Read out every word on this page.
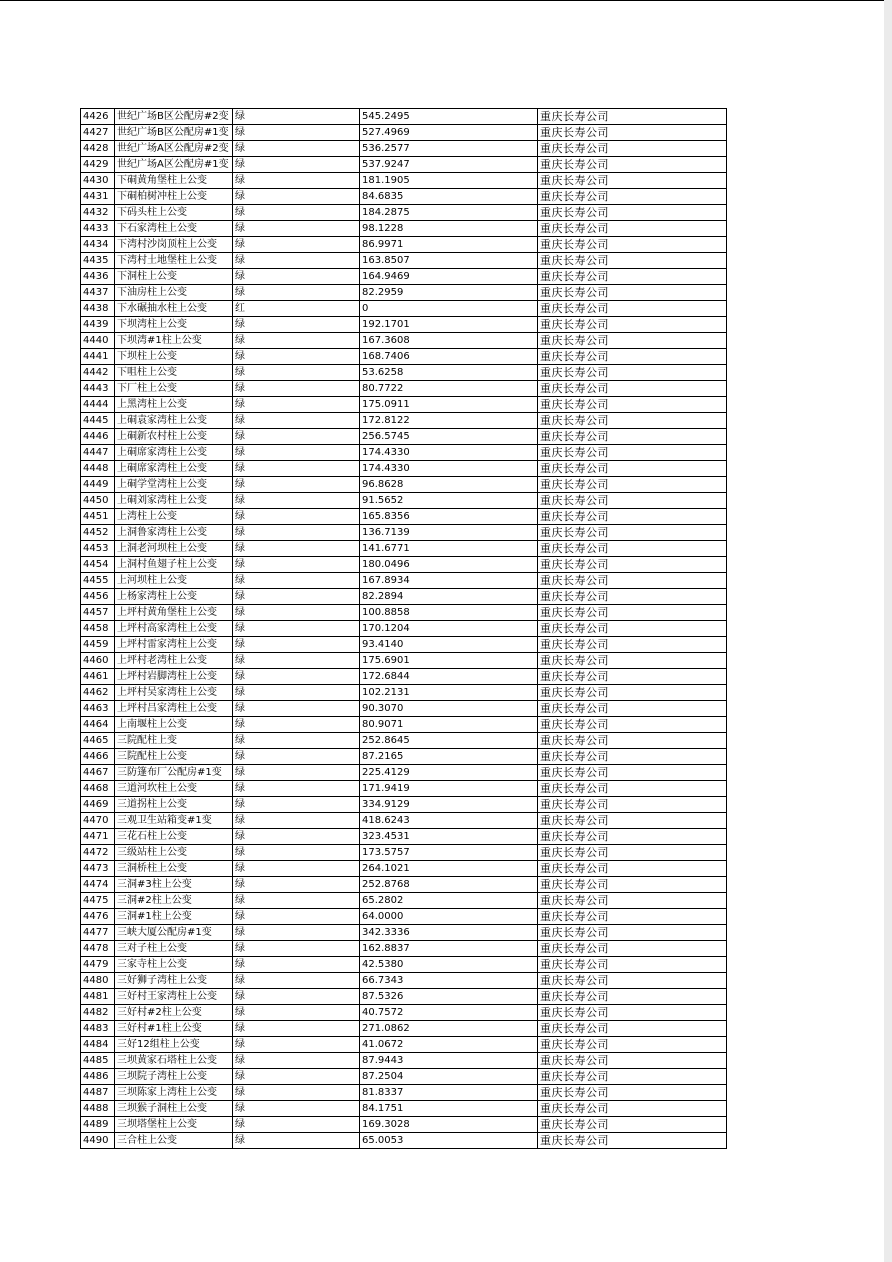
4426	世纪广场B区公配房#2变	绿	545.2495	重庆长寿公司
4427	世纪广场B区公配房#1变	绿	527.4969	重庆长寿公司
4428	世纪广场A区公配房#2变	绿	536.2577	重庆长寿公司
4429	世纪广场A区公配房#1变	绿	537.9247	重庆长寿公司
4430	下硐黄角堡柱上公变	绿	181.1905	重庆长寿公司
4431	下硐柏树冲柱上公变	绿	84.6835	重庆长寿公司
4432	下码头柱上公变	绿	184.2875	重庆长寿公司
4433	下石家湾柱上公变	绿	98.1228	重庆长寿公司
4434	下湾村沙岗顶柱上公变	绿	86.9971	重庆长寿公司
4435	下湾村土地堡柱上公变	绿	163.8507	重庆长寿公司
4436	下洞柱上公变	绿	164.9469	重庆长寿公司
4437	下油房柱上公变	绿	82.2959	重庆长寿公司
4438	下水碾抽水柱上公变	红	0	重庆长寿公司
4439	下坝湾柱上公变	绿	192.1701	重庆长寿公司
4440	下坝湾#1柱上公变	绿	167.3608	重庆长寿公司
4441	下坝柱上公变	绿	168.7406	重庆长寿公司
4442	下咀柱上公变	绿	53.6258	重庆长寿公司
4443	下厂柱上公变	绿	80.7722	重庆长寿公司
4444	上黑湾柱上公变	绿	175.0911	重庆长寿公司
4445	上硐袁家湾柱上公变	绿	172.8122	重庆长寿公司
4446	上硐新农村柱上公变	绿	256.5745	重庆长寿公司
4447	上硐席家湾柱上公变	绿	174.4330	重庆长寿公司
4448	上硐席家湾柱上公变	绿	174.4330	重庆长寿公司
4449	上硐学堂湾柱上公变	绿	96.8628	重庆长寿公司
4450	上硐刘家湾柱上公变	绿	91.5652	重庆长寿公司
4451	上湾柱上公变	绿	165.8356	重庆长寿公司
4452	上洞鲁家湾柱上公变	绿	136.7139	重庆长寿公司
4453	上洞老河坝柱上公变	绿	141.6771	重庆长寿公司
4454	上洞村鱼翅子柱上公变	绿	180.0496	重庆长寿公司
4455	上河坝柱上公变	绿	167.8934	重庆长寿公司
4456	上杨家湾柱上公变	绿	82.2894	重庆长寿公司
4457	上坪村黄角堡柱上公变	绿	100.8858	重庆长寿公司
4458	上坪村高家湾柱上公变	绿	170.1204	重庆长寿公司
4459	上坪村雷家湾柱上公变	绿	93.4140	重庆长寿公司
4460	上坪村老湾柱上公变	绿	175.6901	重庆长寿公司
4461	上坪村岩脚湾柱上公变	绿	172.6844	重庆长寿公司
4462	上坪村吴家湾柱上公变	绿	102.2131	重庆长寿公司
4463	上坪村吕家湾柱上公变	绿	90.3070	重庆长寿公司
4464	上南堰柱上公变	绿	80.9071	重庆长寿公司
4465	三院配柱上变	绿	252.8645	重庆长寿公司
4466	三院配柱上公变	绿	87.2165	重庆长寿公司
4467	三防篷布厂公配房#1变	绿	225.4129	重庆长寿公司
4468	三道河坎柱上公变	绿	171.9419	重庆长寿公司
4469	三道拐柱上公变	绿	334.9129	重庆长寿公司
4470	三观卫生站箱变#1变	绿	418.6243	重庆长寿公司
4471	三花石柱上公变	绿	323.4531	重庆长寿公司
4472	三级站柱上公变	绿	173.5757	重庆长寿公司
4473	三洞桥柱上公变	绿	264.1021	重庆长寿公司
4474	三洞#3柱上公变	绿	252.8768	重庆长寿公司
4475	三洞#2柱上公变	绿	65.2802	重庆长寿公司
4476	三洞#1柱上公变	绿	64.0000	重庆长寿公司
4477	三峡大厦公配房#1变	绿	342.3336	重庆长寿公司
4478	三对子柱上公变	绿	162.8837	重庆长寿公司
4479	三家寺柱上公变	绿	42.5380	重庆长寿公司
4480	三好狮子湾柱上公变	绿	66.7343	重庆长寿公司
4481	三好村王家湾柱上公变	绿	87.5326	重庆长寿公司
4482	三好村#2柱上公变	绿	40.7572	重庆长寿公司
4483	三好村#1柱上公变	绿	271.0862	重庆长寿公司
4484	三好12组柱上公变	绿	41.0672	重庆长寿公司
4485	三坝黄家石塔柱上公变	绿	87.9443	重庆长寿公司
4486	三坝院子湾柱上公变	绿	87.2504	重庆长寿公司
4487	三坝陈家上湾柱上公变	绿	81.8337	重庆长寿公司
4488	三坝猴子洞柱上公变	绿	84.1751	重庆长寿公司
4489	三坝塔堡柱上公变	绿	169.3028	重庆长寿公司
4490	三合柱上公变	绿	65.0053	重庆长寿公司
